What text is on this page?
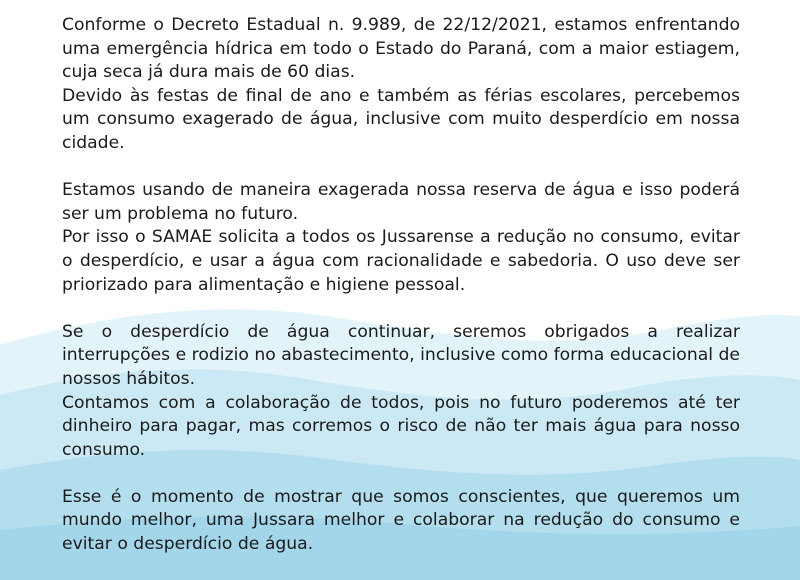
Conforme o Decreto Estadual n. 9.989, de 22/12/2021, estamos enfrentando uma emergência hídrica em todo o Estado do Paraná, com a maior estiagem, cuja seca já dura mais de 60 dias.

Devido às festas de final de ano e também as férias escolares, percebemos um consumo exagerado de água, inclusive com muito desperdício em nossa cidade.

Estamos usando de maneira exagerada nossa reserva de água e isso poderá ser um problema no futuro.

Por isso o SAMAE solicita a todos os Jussarense a redução no consumo, evitar o desperdício, e usar a água com racionalidade e sabedoria. O uso deve ser priorizado para alimentação e higiene pessoal.

Se o desperdício de água continuar, seremos obrigados a realizar interrupções e rodizio no abastecimento, inclusive como forma educacional de nossos hábitos.

Contamos com a colaboração de todos, pois no futuro poderemos até ter dinheiro para pagar, mas corremos o risco de não ter mais água para nosso consumo.

Esse é o momento de mostrar que somos conscientes, que queremos um mundo melhor, uma Jussara melhor e colaborar na redução do consumo e evitar o desperdício de água.
